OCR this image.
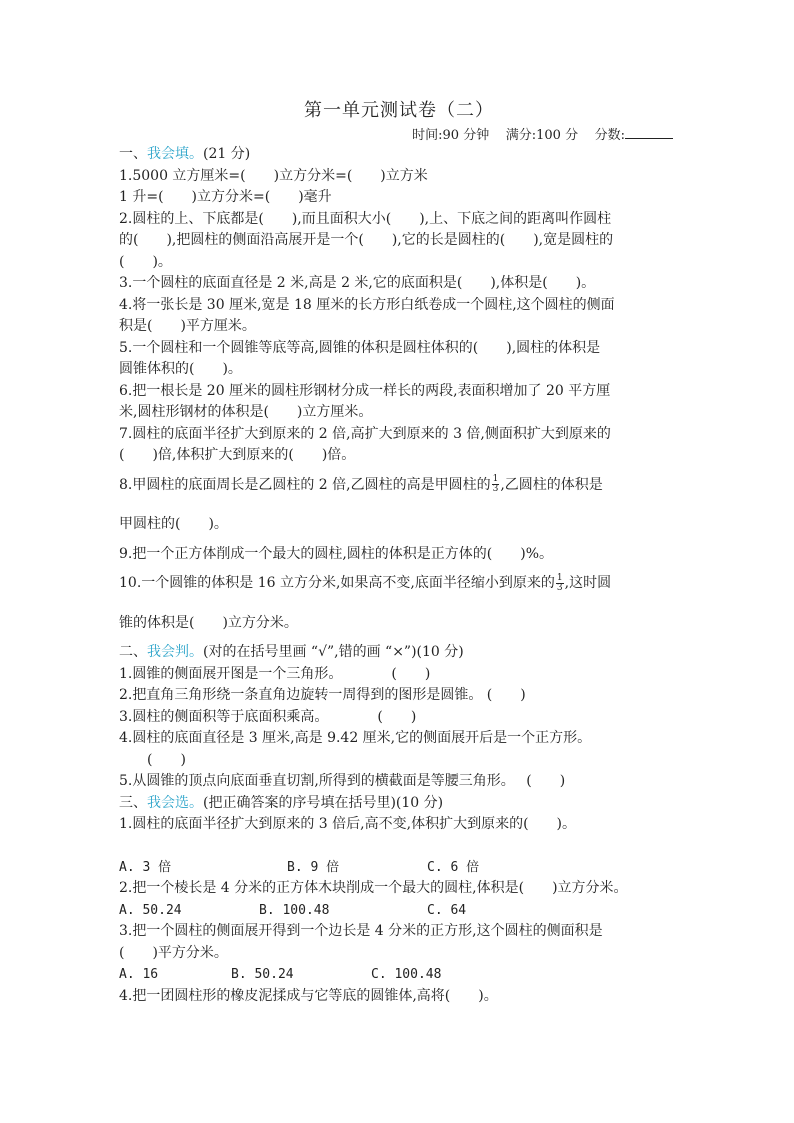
第一单元测试卷（二）
时间:90 分钟 满分:100 分 分数:
一、我会填。(21 分)
1.5000 立方厘米=(　　)立方分米=(　　)立方米
1 升=(　　)立方分米=(　　)毫升
2.圆柱的上、下底都是(　　),而且面积大小(　　),上、下底之间的距离叫作圆柱
的(　　),把圆柱的侧面沿高展开是一个(　　),它的长是圆柱的(　　),宽是圆柱的
(　　)。
3.一个圆柱的底面直径是 2 米,高是 2 米,它的底面积是(　　),体积是(　　)。
4.将一张长是 30 厘米,宽是 18 厘米的长方形白纸卷成一个圆柱,这个圆柱的侧面
积是(　　)平方厘米。
5.一个圆柱和一个圆锥等底等高,圆锥的体积是圆柱体积的(　　),圆柱的体积是
圆锥体积的(　　)。
6.把一根长是 20 厘米的圆柱形钢材分成一样长的两段,表面积增加了 20 平方厘
米,圆柱形钢材的体积是(　　)立方厘米。
7.圆柱的底面半径扩大到原来的 2 倍,高扩大到原来的 3 倍,侧面积扩大到原来的
(　　)倍,体积扩大到原来的(　　)倍。
8.甲圆柱的底面周长是乙圆柱的 2 倍,乙圆柱的高是甲圆柱的 $\frac{1}{3}$ ,乙圆柱的体积是
甲圆柱的(　　)。
9.把一个正方体削成一个最大的圆柱,圆柱的体积是正方体的(　　)%。
10.一个圆锥的体积是 16 立方分米,如果高不变,底面半径缩小到原来的 $\frac{1}{3}$ ,这时圆
锥的体积是(　　)立方分米。
二、我会判。(对的在括号里画 “√”,错的画 “×”)(10 分)
1.圆锥的侧面展开图是一个三角形。　　　　(　　)
2.把直角三角形绕一条直角边旋转一周得到的图形是圆锥。 (　　)
3.圆柱的侧面积等于底面积乘高。　　　　(　　)
4.圆柱的底面直径是 3 厘米,高是 9.42 厘米,它的侧面展开后是一个正方形。
(　　)
5.从圆锥的顶点向底面垂直切割,所得到的横截面是等腰三角形。　 (　　)
三、我会选。(把正确答案的序号填在括号里)(10 分)
1.圆柱的底面半径扩大到原来的 3 倍后,高不变,体积扩大到原来的(　　)。
A. 3 倍	B. 9 倍	C. 6 倍
2.把一个棱长是 4 分米的正方体木块削成一个最大的圆柱,体积是(　　)立方分米。
A. 50.24	B. 100.48	C. 64
3.把一个圆柱的侧面展开得到一个边长是 4 分米的正方形,这个圆柱的侧面积是
(　　)平方分米。
A. 16	B. 50.24	C. 100.48
4.把一团圆柱形的橡皮泥揉成与它等底的圆锥体,高将(　　)。
